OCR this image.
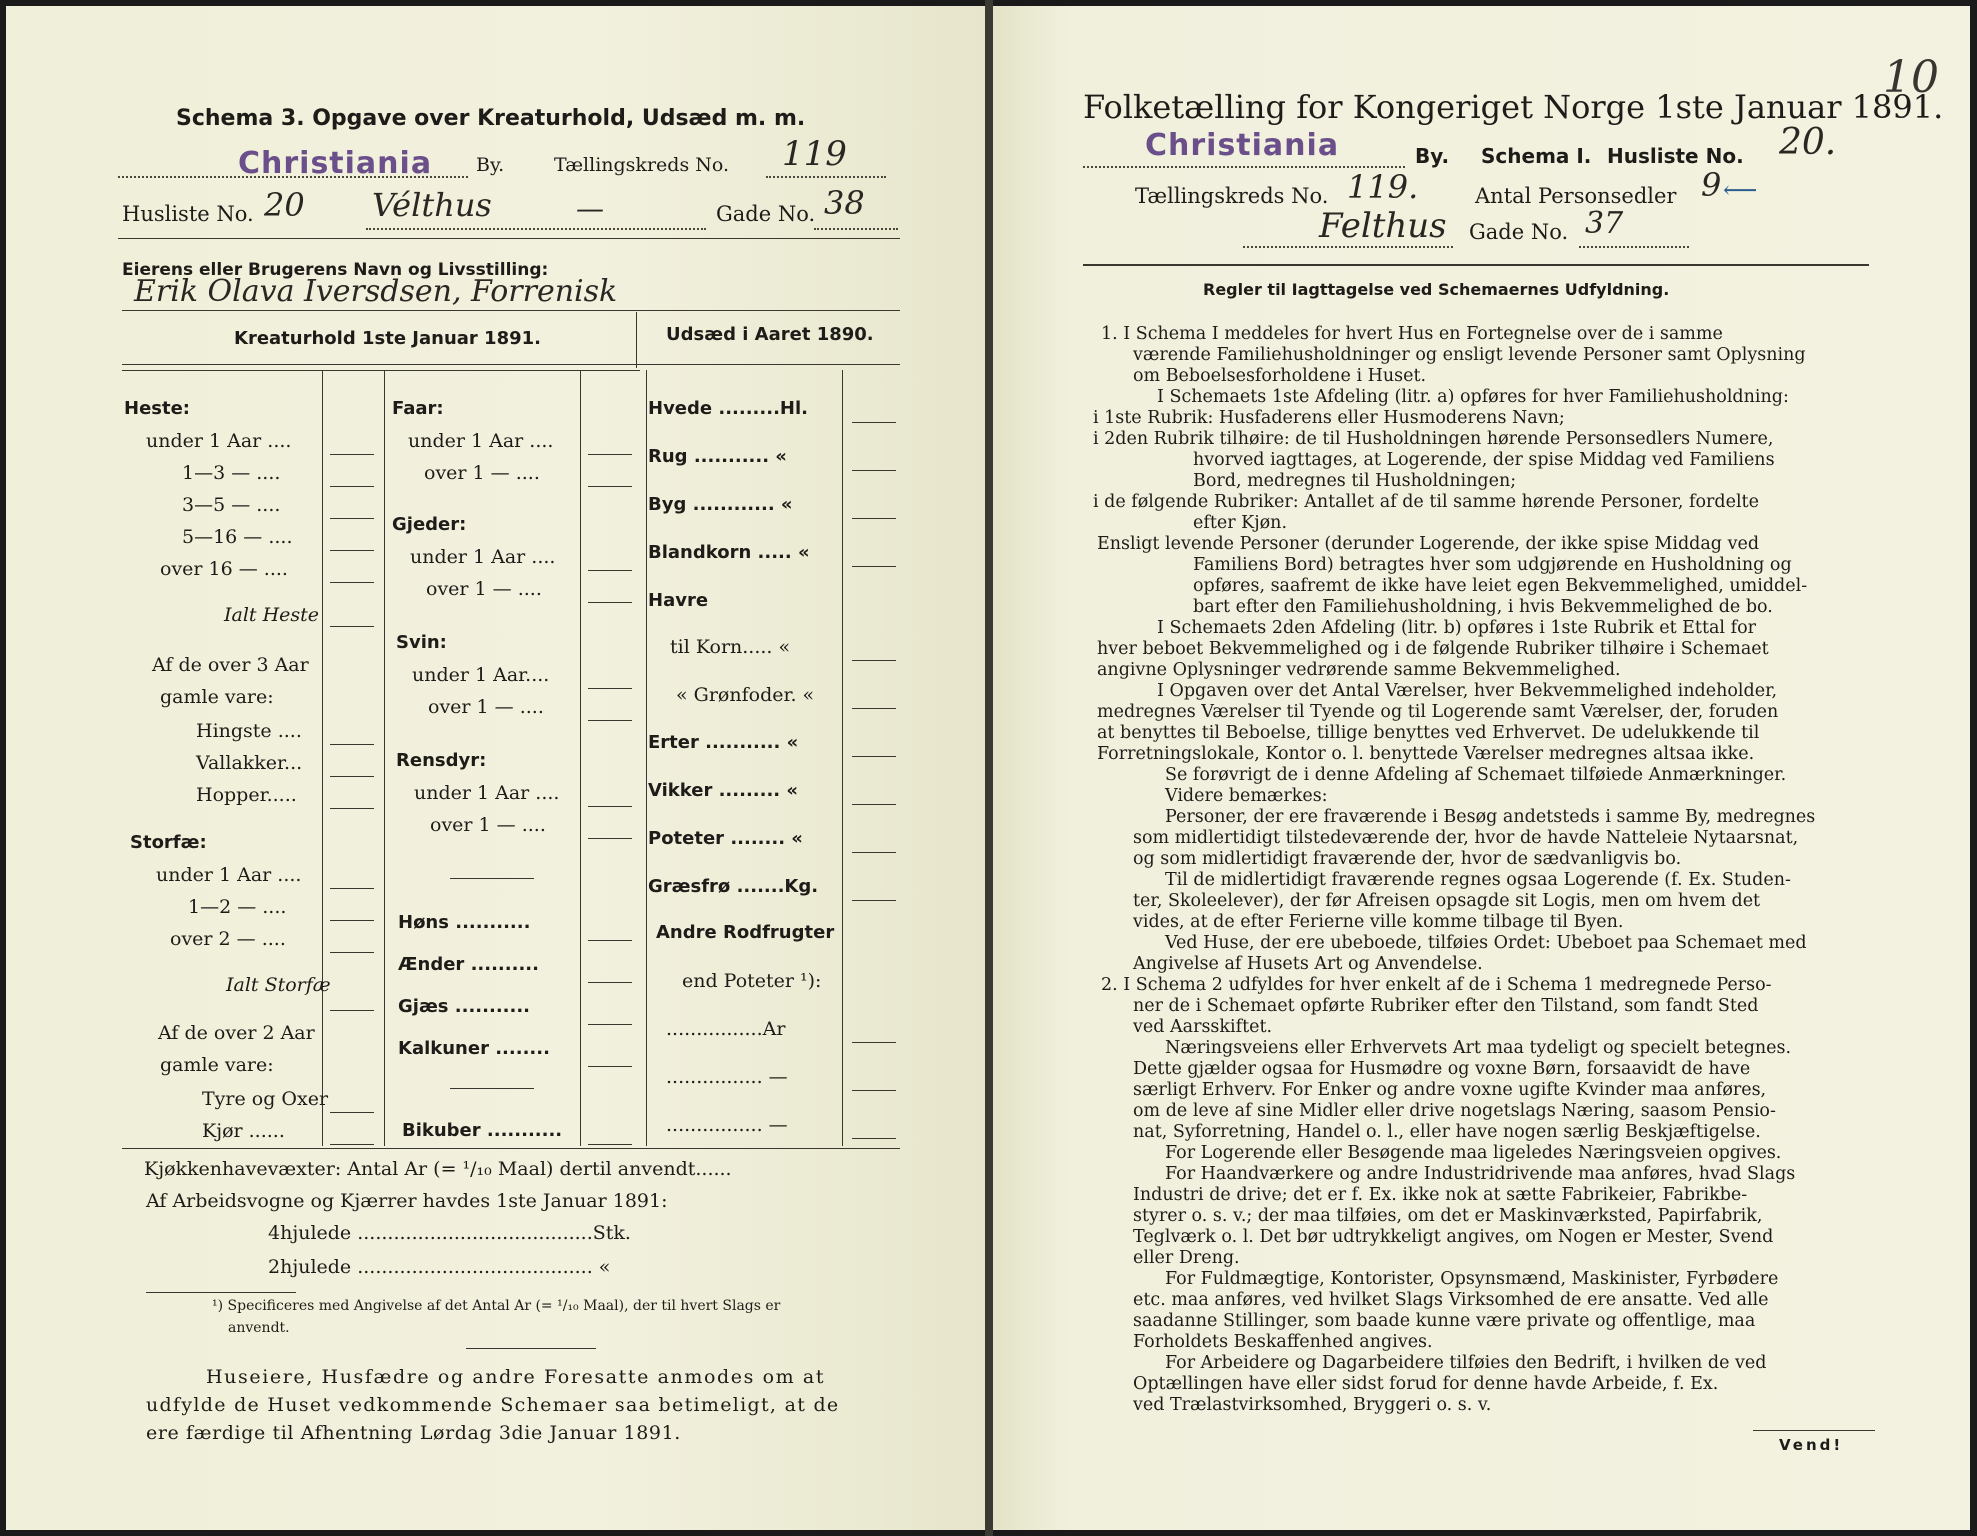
Schema 3. Opgave over Kreaturhold, Udsæd m. m.
Christiania By.	Tællingskreds No. 119
Husliste No. 20 Vélthus	—	Gade No. 38
Eierens eller Brugerens Navn og Livsstilling:
Erik Olava Iversdsen, Forrenisk
Kreaturhold 1ste Januar 1891.	Udsæd i Aaret 1890.
Heste:
under 1 Aar ....
1—3 — ....
3—5 — ....
5—16 — ....
over 16 — ....
Ialt Heste
Af de over 3 Aar
gamle vare:
Hingste ....
Vallakker...
Hopper.....
Storfæ:
under 1 Aar ....
1—2 — ....
over 2 — ....
Ialt Storfæ
Af de over 2 Aar
gamle vare:
Tyre og Oxer
Kjør ......
Faar:
under 1 Aar ....
over 1 — ....
Gjeder:
under 1 Aar ....
over 1 — ....
Svin:
under 1 Aar....
over 1 — ....
Rensdyr:
under 1 Aar ....
over 1 — ....
Høns ...........
Ænder ..........
Gjæs ...........
Kalkuner ........
Bikuber ...........
Hvede .........Hl.
Rug ........... «
Byg ............ «
Blandkorn ..... «
Havre
til Korn..... «
« Grønfoder. «
Erter ........... «
Vikker ......... «
Poteter ........ «
Græsfrø .......Kg.
Andre Rodfrugter
end Poteter ¹):
................Ar
................ —
................ —
Kjøkkenhavevæxter: Antal Ar (= ¹/₁₀ Maal) dertil anvendt......
Af Arbeidsvogne og Kjærrer havdes 1ste Januar 1891:
4hjulede .......................................Stk.
2hjulede ....................................... «
¹) Specificeres med Angivelse af det Antal Ar (= ¹/₁₀ Maal), der til hvert Slags er
anvendt.
Huseiere, Husfædre og andre Foresatte anmodes om at
udfylde de Huset vedkommende Schemaer saa betimeligt, at de
ere færdige til Afhentning Lørdag 3die Januar 1891.
10
Folketælling for Kongeriget Norge 1ste Januar 1891.
Christiania	By. Schema I. Husliste No. 20.
Tællingskreds No. 119.	Antal Personsedler 9 ⟵
Felthus Gade No. 37
Regler til Iagttagelse ved Schemaernes Udfyldning.
1. I Schema I meddeles for hvert Hus en Fortegnelse over de i samme
værende Familiehusholdninger og ensligt levende Personer samt Oplysning
om Beboelsesforholdene i Huset.
I Schemaets 1ste Afdeling (litr. a) opføres for hver Familiehusholdning:
i 1ste Rubrik: Husfaderens eller Husmoderens Navn;
i 2den Rubrik tilhøire: de til Husholdningen hørende Personsedlers Numere,
hvorved iagttages, at Logerende, der spise Middag ved Familiens
Bord, medregnes til Husholdningen;
i de følgende Rubriker: Antallet af de til samme hørende Personer, fordelte
efter Kjøn.
Ensligt levende Personer (derunder Logerende, der ikke spise Middag ved
Familiens Bord) betragtes hver som udgjørende en Husholdning og
opføres, saafremt de ikke have leiet egen Bekvemmelighed, umiddel-
bart efter den Familiehusholdning, i hvis Bekvemmelighed de bo.
I Schemaets 2den Afdeling (litr. b) opføres i 1ste Rubrik et Ettal for
hver beboet Bekvemmelighed og i de følgende Rubriker tilhøire i Schemaet
angivne Oplysninger vedrørende samme Bekvemmelighed.
I Opgaven over det Antal Værelser, hver Bekvemmelighed indeholder,
medregnes Værelser til Tyende og til Logerende samt Værelser, der, foruden
at benyttes til Beboelse, tillige benyttes ved Erhvervet. De udelukkende til
Forretningslokale, Kontor o. l. benyttede Værelser medregnes altsaa ikke.
Se forøvrigt de i denne Afdeling af Schemaet tilføiede Anmærkninger.
Videre bemærkes:
Personer, der ere fraværende i Besøg andetsteds i samme By, medregnes
som midlertidigt tilstedeværende der, hvor de havde Natteleie Nytaarsnat,
og som midlertidigt fraværende der, hvor de sædvanligvis bo.
Til de midlertidigt fraværende regnes ogsaa Logerende (f. Ex. Studen-
ter, Skoleelever), der før Afreisen opsagde sit Logis, men om hvem det
vides, at de efter Ferierne ville komme tilbage til Byen.
Ved Huse, der ere ubeboede, tilføies Ordet: Ubeboet paa Schemaet med
Angivelse af Husets Art og Anvendelse.
2. I Schema 2 udfyldes for hver enkelt af de i Schema 1 medregnede Perso-
ner de i Schemaet opførte Rubriker efter den Tilstand, som fandt Sted
ved Aarsskiftet.
Næringsveiens eller Erhvervets Art maa tydeligt og specielt betegnes.
Dette gjælder ogsaa for Husmødre og voxne Børn, forsaavidt de have
særligt Erhverv. For Enker og andre voxne ugifte Kvinder maa anføres,
om de leve af sine Midler eller drive nogetslags Næring, saasom Pensio-
nat, Syforretning, Handel o. l., eller have nogen særlig Beskjæftigelse.
For Logerende eller Besøgende maa ligeledes Næringsveien opgives.
For Haandværkere og andre Industridrivende maa anføres, hvad Slags
Industri de drive; det er f. Ex. ikke nok at sætte Fabrikeier, Fabrikbe-
styrer o. s. v.; der maa tilføies, om det er Maskinværksted, Papirfabrik,
Teglværk o. l. Det bør udtrykkeligt angives, om Nogen er Mester, Svend
eller Dreng.
For Fuldmægtige, Kontorister, Opsynsmænd, Maskinister, Fyrbødere
etc. maa anføres, ved hvilket Slags Virksomhed de ere ansatte. Ved alle
saadanne Stillinger, som baade kunne være private og offentlige, maa
Forholdets Beskaffenhed angives.
For Arbeidere og Dagarbeidere tilføies den Bedrift, i hvilken de ved
Optællingen have eller sidst forud for denne havde Arbeide, f. Ex.
ved Trælastvirksomhed, Bryggeri o. s. v.
Vend!
